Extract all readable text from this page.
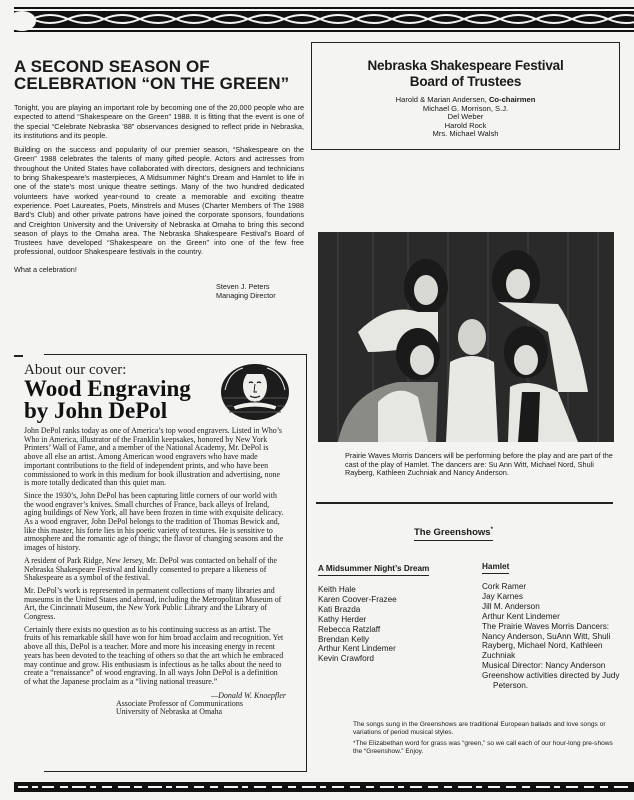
A SECOND SEASON OF CELEBRATION “ON THE GREEN”

Tonight, you are playing an important role by becoming one of the 20,000 people who are expected to attend “Shakespeare on the Green” 1988. It is fitting that the event is one of the special “Celebrate Nebraska ’88” observances designed to reflect pride in Nebraska, its institutions and its people.

Building on the success and popularity of our premier season, “Shakespeare on the Green” 1988 celebrates the talents of many gifted people. Actors and actresses from throughout the United States have collaborated with directors, designers and technicians to bring Shakespeare’s masterpieces, A Midsummer Night’s Dream and Hamlet to life in one of the state’s most unique theatre settings. Many of the two hundred dedicated volunteers have worked year-round to create a memorable and exciting theatre experience. Poet Laureates, Poets, Minstrels and Muses (Charter Members of The 1988 Bard’s Club) and other private patrons have joined the corporate sponsors, foundations and Creighton University and the University of Nebraska at Omaha to bring this second season of plays to the Omaha area. The Nebraska Shakespeare Festival’s Board of Trustees have developed “Shakespeare on the Green” into one of the few free professional, outdoor Shakespeare festivals in the country.

What a celebration!

Steven J. Peters
Managing Director
About our cover:
Wood Engraving
by John DePol

John DePol ranks today as one of America’s top wood engravers. Listed in Who’s Who in America, illustrator of the Franklin keepsakes, honored by New York Printers’ Wall of Fame, and a member of the National Academy, Mr. DePol is above all else an artist. Among American wood engravers who have made important contributions to the field of independent prints, and who have been commissioned to work in this medium for book illustration and advertising, none is more totally dedicated than this quiet man.

Since the 1930’s, John DePol has been capturing little corners of our world with the wood engraver’s knives. Small churches of France, back alleys of Ireland, aging buildings of New York, all have been frozen in time with exquisite delicacy. As a wood engraver, John DePol belongs to the tradition of Thomas Bewick and, like this master, his forte lies in his poetic variety of textures. He is sensitive to atmosphere and the romantic age of things; the flavor of changing seasons and the images of history.

A resident of Park Ridge, New Jersey, Mr. DePol was contacted on behalf of the Nebraska Shakespeare Festival and kindly consented to prepare a likeness of Shakespeare as a symbol of the festival.

Mr. DePol’s work is represented in permanent collections of many libraries and museums in the United States and abroad, including the Metropolitan Museum of Art, the Cincinnati Museum, the New York Public Library and the Library of Congress.

Certainly there exists no question as to his continuing success as an artist. The fruits of his remarkable skill have won for him broad acclaim and recognition. Yet above all this, DePol is a teacher. More and more his inceasing energy in recent years has been devoted to the teaching of others so that the art which he embraced may continue and grow. His enthusiasm is infectious as he talks about the need to create a “renaissance” of wood engraving. In all ways John DePol is a definition of what the Japanese proclaim as a “living national treasure.”

—Donald W. Knoepfler
Associate Professor of Communications
University of Nebraska at Omaha
Nebraska Shakespeare Festival
Board of Trustees
Harold & Marian Andersen, Co-chairmen
Michael G. Morrison, S.J.
Del Weber
Harold Rock
Mrs. Michael Walsh
Prairie Waves Morris Dancers will be performing before the play and are part of the cast of the play of Hamlet. The dancers are: Su Ann Witt, Michael Nord, Shuli Rayberg, Kathleen Zuchniak and Nancy Anderson.
The Greenshows*
A Midsummer Night’s Dream
Keith Hale
Karen Coover-Frazee
Kati Brazda
Kathy Herder
Rebecca Ratzlaff
Brendan Kelly
Arthur Kent Lindemer
Kevin Crawford
Hamlet
Cork Ramer
Jay Karnes
Jill M. Anderson
Arthur Kent Lindemer
The Prairie Waves Morris Dancers:
Nancy Anderson, SuAnn Witt, Shuli Rayberg, Michael Nord, Kathleen Zuchniak
Musical Director: Nancy Anderson
Greenshow activities directed by Judy Peterson.

The songs sung in the Greenshows are traditional European ballads and love songs or variations of period musical styles.

*The Elizabethan word for grass was “green,” so we call each of our hour-long pre-shows the “Greenshow.” Enjoy.
